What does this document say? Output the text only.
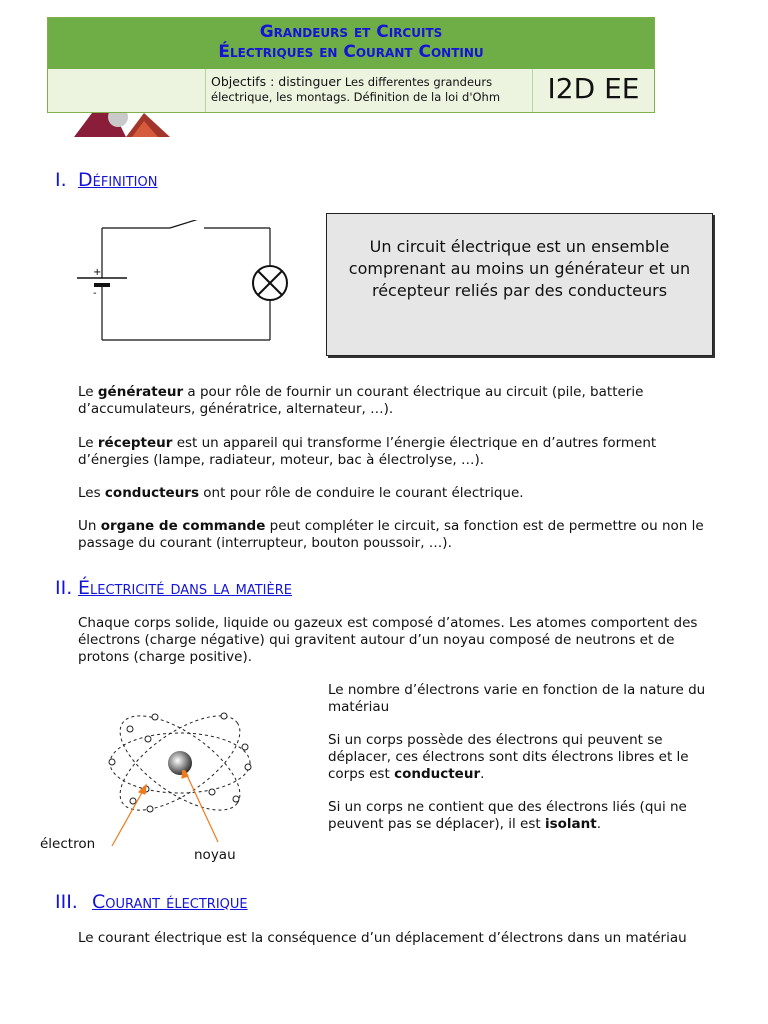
Grandeurs et Circuits
Électriques en Courant Continu
Objectifs : distinguer Les differentes grandeurs électrique, les montags. Définition de la loi d'Ohm	I2D EE
I. Définition
+
-
Un circuit électrique est un ensemble comprenant au moins un générateur et un récepteur reliés par des conducteurs

Le générateur a pour rôle de fournir un courant électrique au circuit (pile, batterie d’accumulateurs, génératrice, alternateur, …).

Le récepteur est un appareil qui transforme l’énergie électrique en d’autres forment d’énergies (lampe, radiateur, moteur, bac à électrolyse, …).

Les conducteurs ont pour rôle de conduire le courant électrique.

Un organe de commande peut compléter le circuit, sa fonction est de permettre ou non le passage du courant (interrupteur, bouton poussoir, …).

II. Électricité dans la matière

Chaque corps solide, liquide ou gazeux est composé d’atomes. Les atomes comportent des électrons (charge négative) qui gravitent autour d’un noyau composé de neutrons et de protons (charge positive).

électron
noyau

Le nombre d’électrons varie en fonction de la nature du matériau

Si un corps possède des électrons qui peuvent se déplacer, ces électrons sont dits électrons libres et le corps est conducteur.

Si un corps ne contient que des électrons liés (qui ne peuvent pas se déplacer), il est isolant.

III. Courant électrique

Le courant électrique est la conséquence d’un déplacement d’électrons dans un matériau
